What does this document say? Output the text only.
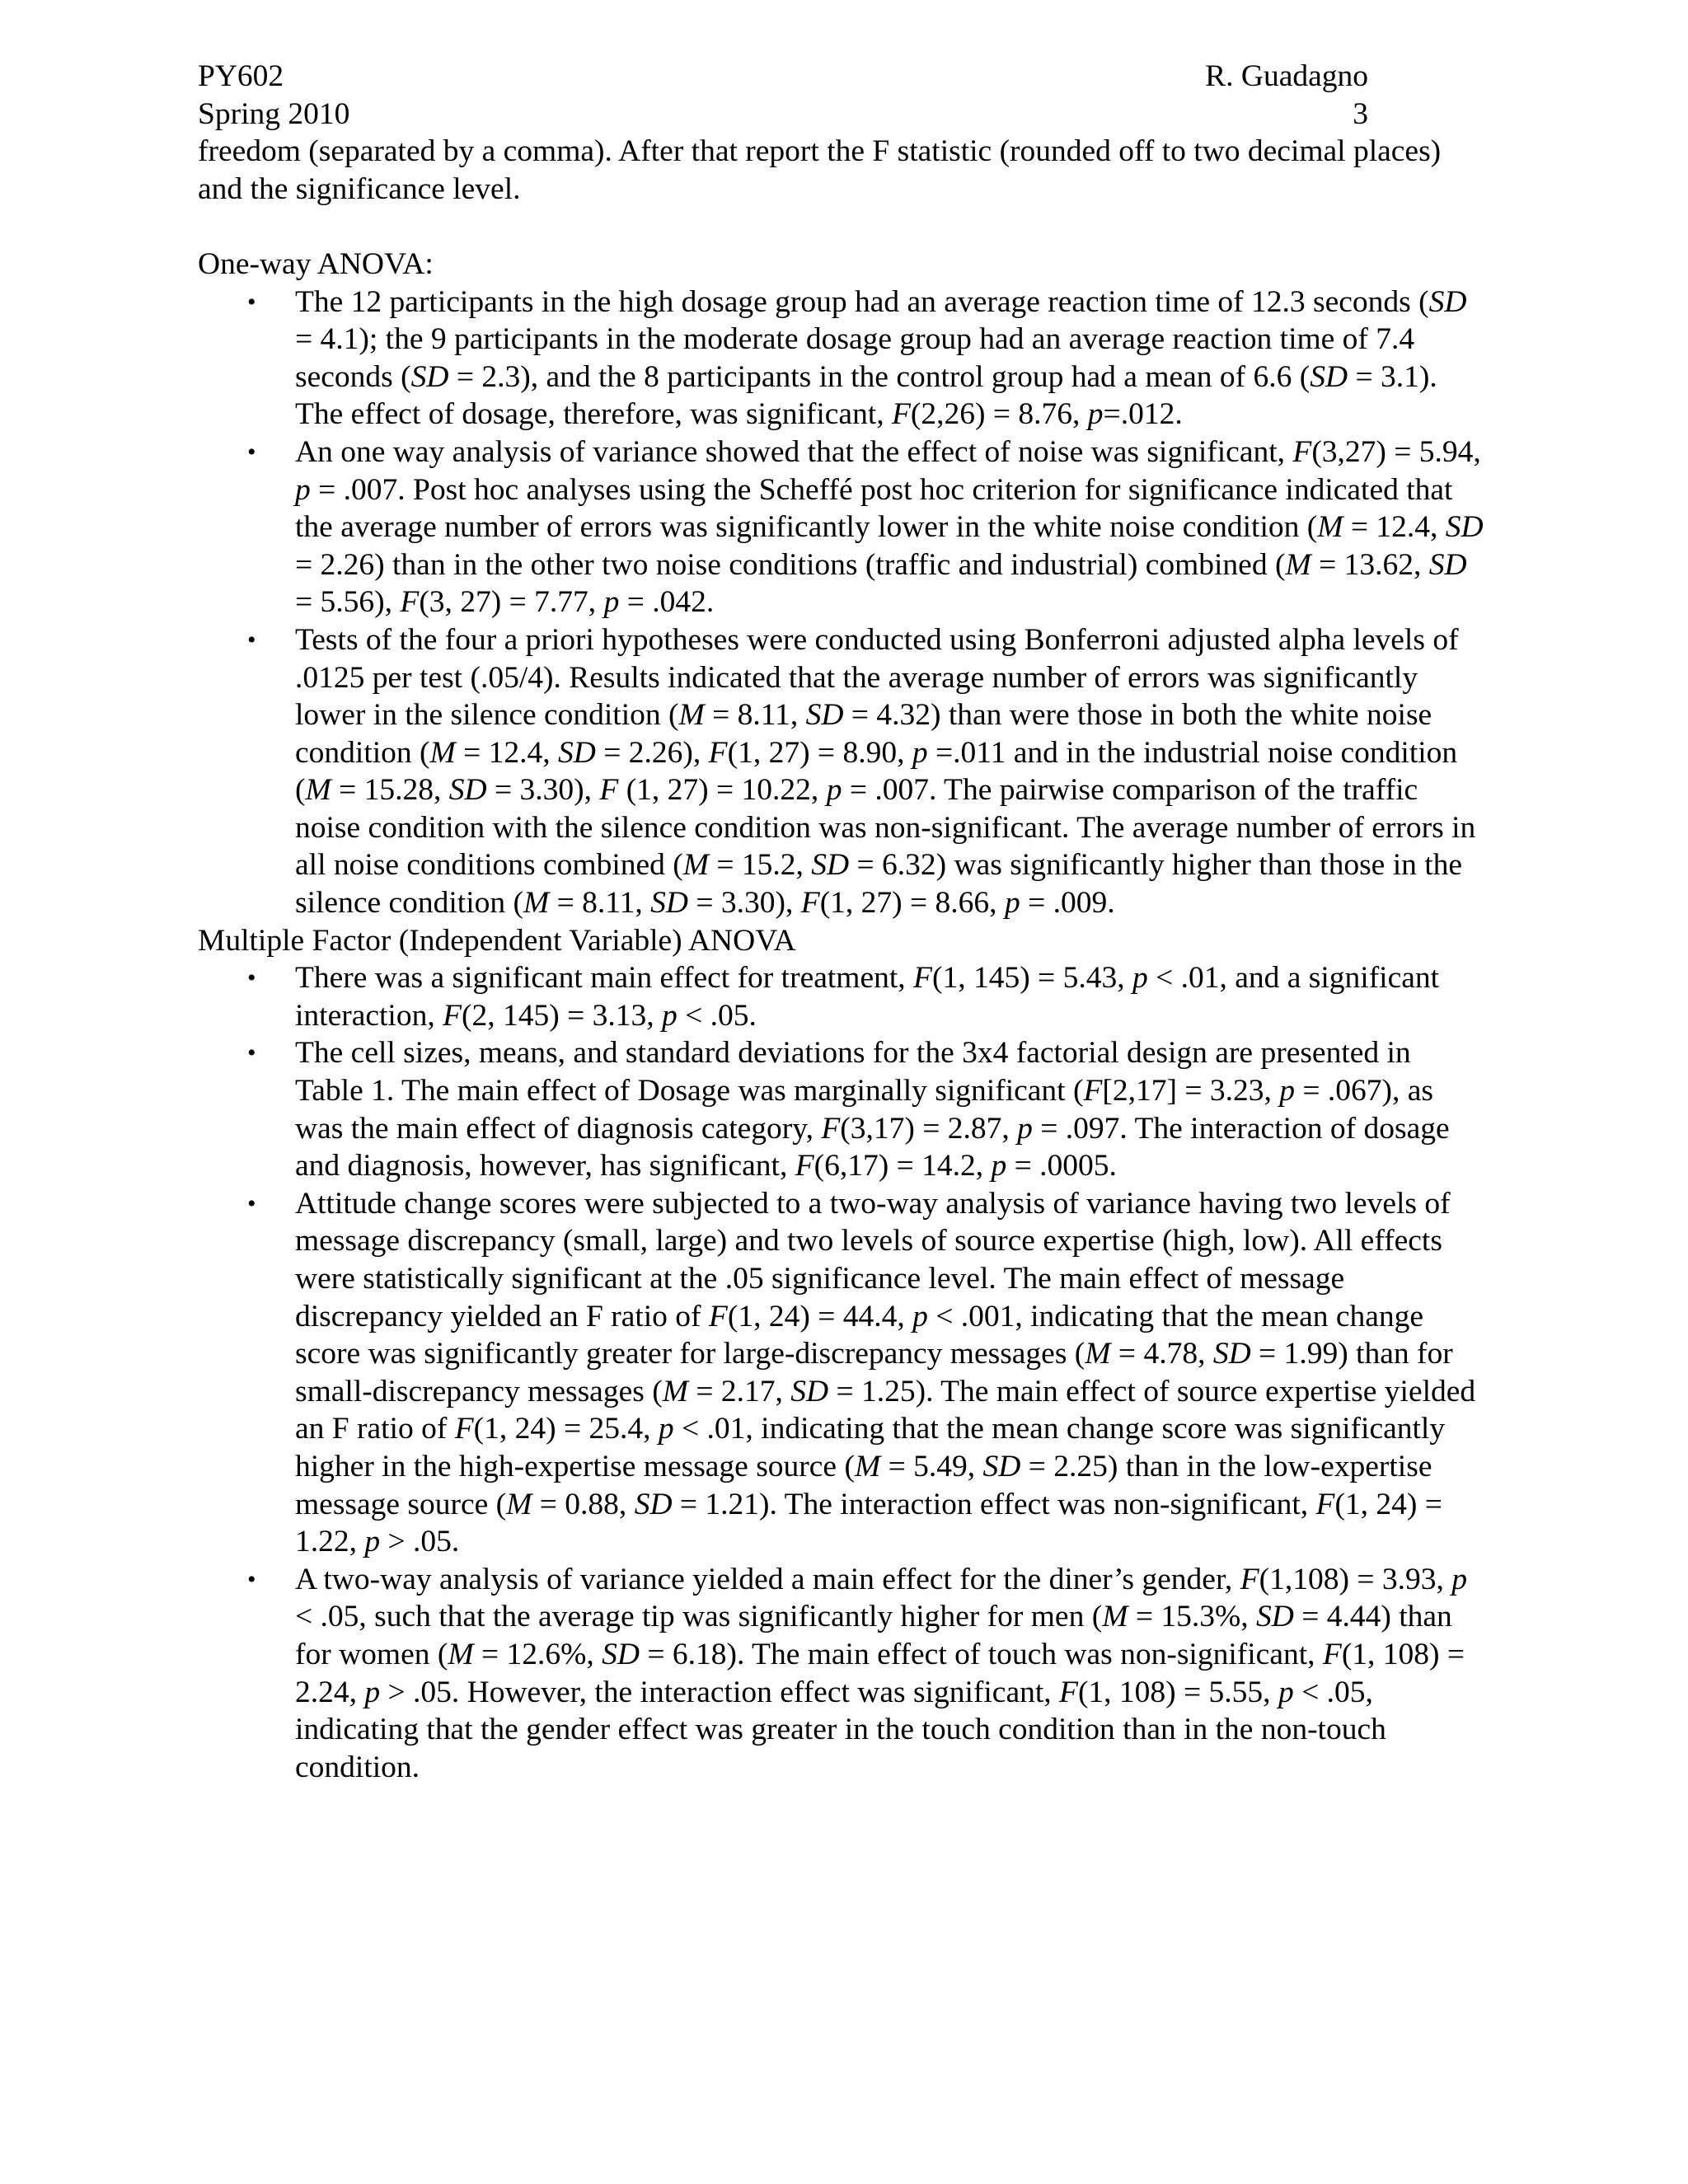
PY602
Spring 2010
R. Guadagno
3

freedom (separated by a comma). After that report the F statistic (rounded off to two decimal places) and the significance level.

One-way ANOVA:

• The 12 participants in the high dosage group had an average reaction time of 12.3 seconds (SD = 4.1); the 9 participants in the moderate dosage group had an average reaction time of 7.4 seconds (SD = 2.3), and the 8 participants in the control group had a mean of 6.6 (SD = 3.1). The effect of dosage, therefore, was significant, F(2,26) = 8.76, p=.012.
• An one way analysis of variance showed that the effect of noise was significant, F(3,27) = 5.94, p = .007. Post hoc analyses using the Scheffé post hoc criterion for significance indicated that the average number of errors was significantly lower in the white noise condition (M = 12.4, SD = 2.26) than in the other two noise conditions (traffic and industrial) combined (M = 13.62, SD = 5.56), F(3, 27) = 7.77, p = .042.
• Tests of the four a priori hypotheses were conducted using Bonferroni adjusted alpha levels of .0125 per test (.05/4). Results indicated that the average number of errors was significantly lower in the silence condition (M = 8.11, SD = 4.32) than were those in both the white noise condition (M = 12.4, SD = 2.26), F(1, 27) = 8.90, p =.011 and in the industrial noise condition (M = 15.28, SD = 3.30), F (1, 27) = 10.22, p = .007. The pairwise comparison of the traffic noise condition with the silence condition was non-significant. The average number of errors in all noise conditions combined (M = 15.2, SD = 6.32) was significantly higher than those in the silence condition (M = 8.11, SD = 3.30), F(1, 27) = 8.66, p = .009.

Multiple Factor (Independent Variable) ANOVA

• There was a significant main effect for treatment, F(1, 145) = 5.43, p < .01, and a significant interaction, F(2, 145) = 3.13, p < .05.
• The cell sizes, means, and standard deviations for the 3x4 factorial design are presented in Table 1. The main effect of Dosage was marginally significant (F[2,17] = 3.23, p = .067), as was the main effect of diagnosis category, F(3,17) = 2.87, p = .097. The interaction of dosage and diagnosis, however, has significant, F(6,17) = 14.2, p = .0005.
• Attitude change scores were subjected to a two-way analysis of variance having two levels of message discrepancy (small, large) and two levels of source expertise (high, low). All effects were statistically significant at the .05 significance level. The main effect of message discrepancy yielded an F ratio of F(1, 24) = 44.4, p < .001, indicating that the mean change score was significantly greater for large-discrepancy messages (M = 4.78, SD = 1.99) than for small-discrepancy messages (M = 2.17, SD = 1.25). The main effect of source expertise yielded an F ratio of F(1, 24) = 25.4, p < .01, indicating that the mean change score was significantly higher in the high-expertise message source (M = 5.49, SD = 2.25) than in the low-expertise message source (M = 0.88, SD = 1.21). The interaction effect was non-significant, F(1, 24) = 1.22, p > .05.
• A two-way analysis of variance yielded a main effect for the diner’s gender, F(1,108) = 3.93, p < .05, such that the average tip was significantly higher for men (M = 15.3%, SD = 4.44) than for women (M = 12.6%, SD = 6.18). The main effect of touch was non-significant, F(1, 108) = 2.24, p > .05. However, the interaction effect was significant, F(1, 108) = 5.55, p < .05, indicating that the gender effect was greater in the touch condition than in the non-touch condition.
